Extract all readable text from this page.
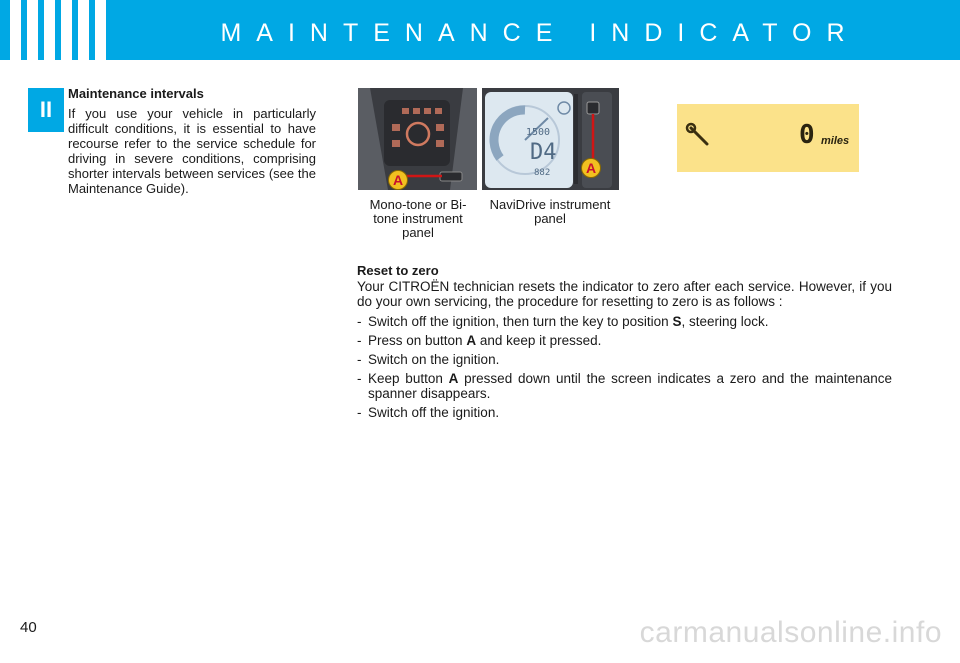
MAINTENANCE INDICATOR
II
Maintenance intervals

If you use your vehicle in particularly difficult conditions, it is essential to have recourse refer to the service schedule for driving in severe conditions, comprising shorter intervals between services (see the Maintenance Guide).

A
1500
D4
882	A
0 miles
Mono-tone or Bi-tone instrument panel
NaviDrive instrument panel
Reset to zero

Your CITROËN technician resets the indicator to zero after each service. However, if you do your own servicing, the procedure for resetting to zero is as follows :

- Switch off the ignition, then turn the key to position S, steering lock.
- Press on button A and keep it pressed.
- Switch on the ignition.
- Keep button A pressed down until the screen indicates a zero and the maintenance spanner disappears.
- Switch off the ignition.
40	carmanualsonline.info
